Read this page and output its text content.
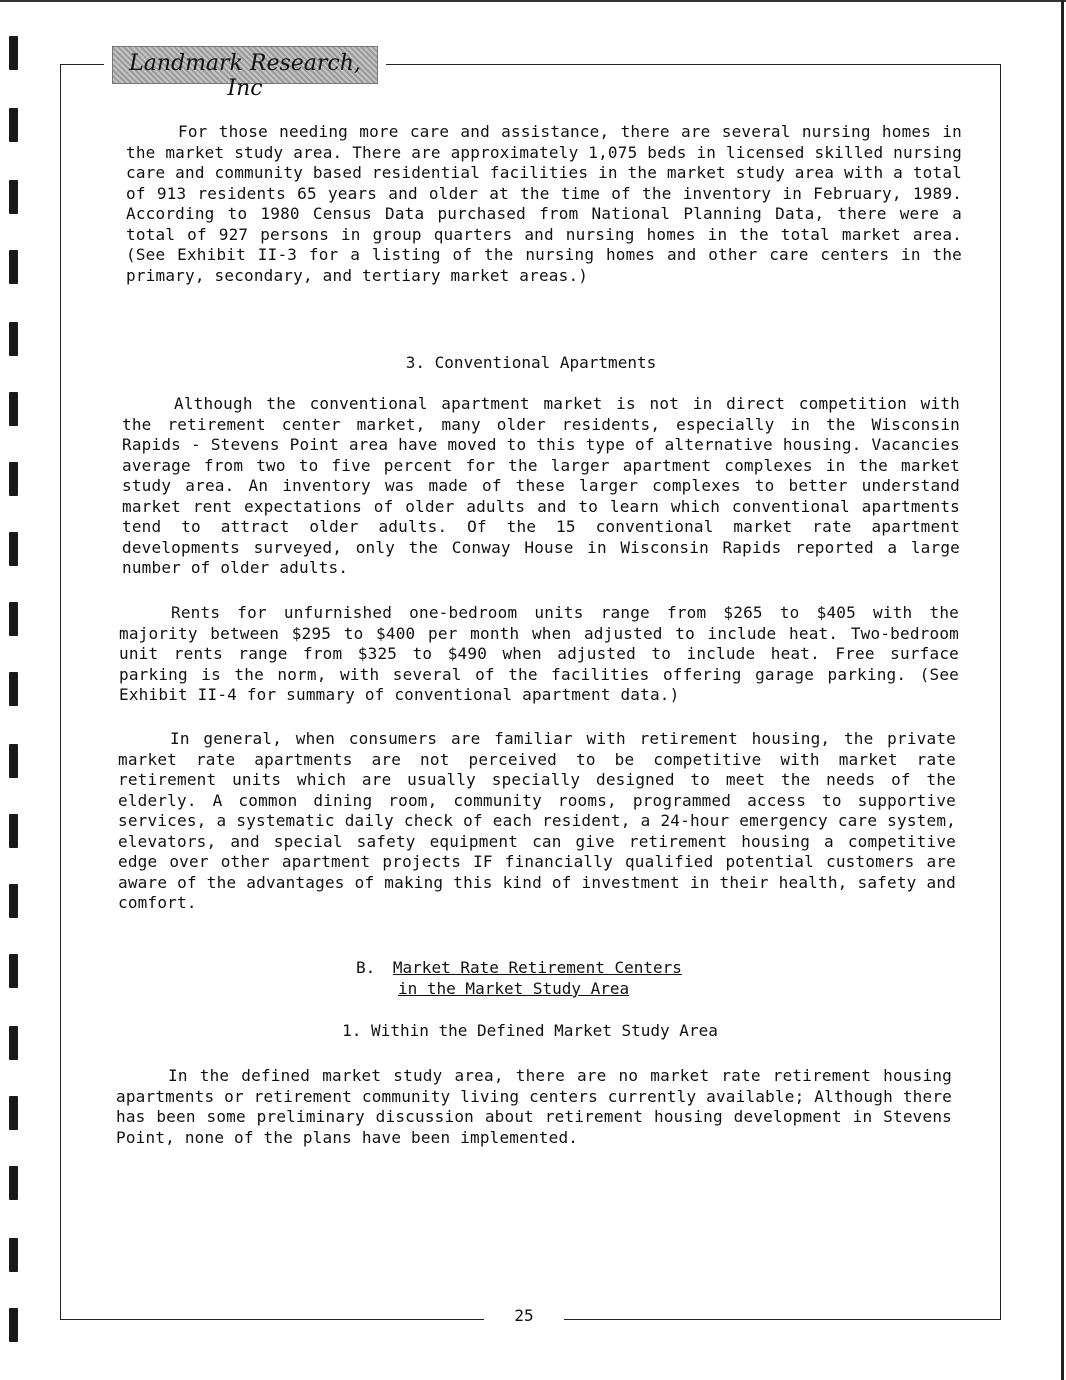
Landmark Research, Inc

For those needing more care and assistance, there are several nursing homes in the market study area. There are approximately 1,075 beds in licensed skilled nursing care and community based residential facilities in the market study area with a total of 913 residents 65 years and older at the time of the inventory in February, 1989. According to 1980 Census Data purchased from National Planning Data, there were a total of 927 persons in group quarters and nursing homes in the total market area. (See Exhibit II-3 for a listing of the nursing homes and other care centers in the primary, secondary, and tertiary market areas.)

3. Conventional Apartments

Although the conventional apartment market is not in direct competition with the retirement center market, many older residents, especially in the Wisconsin Rapids - Stevens Point area have moved to this type of alternative housing. Vacancies average from two to five percent for the larger apartment complexes in the market study area. An inventory was made of these larger complexes to better understand market rent expectations of older adults and to learn which conventional apartments tend to attract older adults. Of the 15 conventional market rate apartment developments surveyed, only the Conway House in Wisconsin Rapids reported a large number of older adults.

Rents for unfurnished one-bedroom units range from $265 to $405 with the majority between $295 to $400 per month when adjusted to include heat. Two-bedroom unit rents range from $325 to $490 when adjusted to include heat. Free surface parking is the norm, with several of the facilities offering garage parking. (See Exhibit II-4 for summary of conventional apartment data.)

In general, when consumers are familiar with retirement housing, the private market rate apartments are not perceived to be competitive with market rate retirement units which are usually specially designed to meet the needs of the elderly. A common dining room, community rooms, programmed access to supportive services, a systematic daily check of each resident, a 24-hour emergency care system, elevators, and special safety equipment can give retirement housing a competitive edge over other apartment projects IF financially qualified potential customers are aware of the advantages of making this kind of investment in their health, safety and comfort.

B. Market Rate Retirement Centers
in the Market Study Area
1. Within the Defined Market Study Area

In the defined market study area, there are no market rate retirement housing apartments or retirement community living centers currently available; Although there has been some preliminary discussion about retirement housing development in Stevens Point, none of the plans have been implemented.

25
